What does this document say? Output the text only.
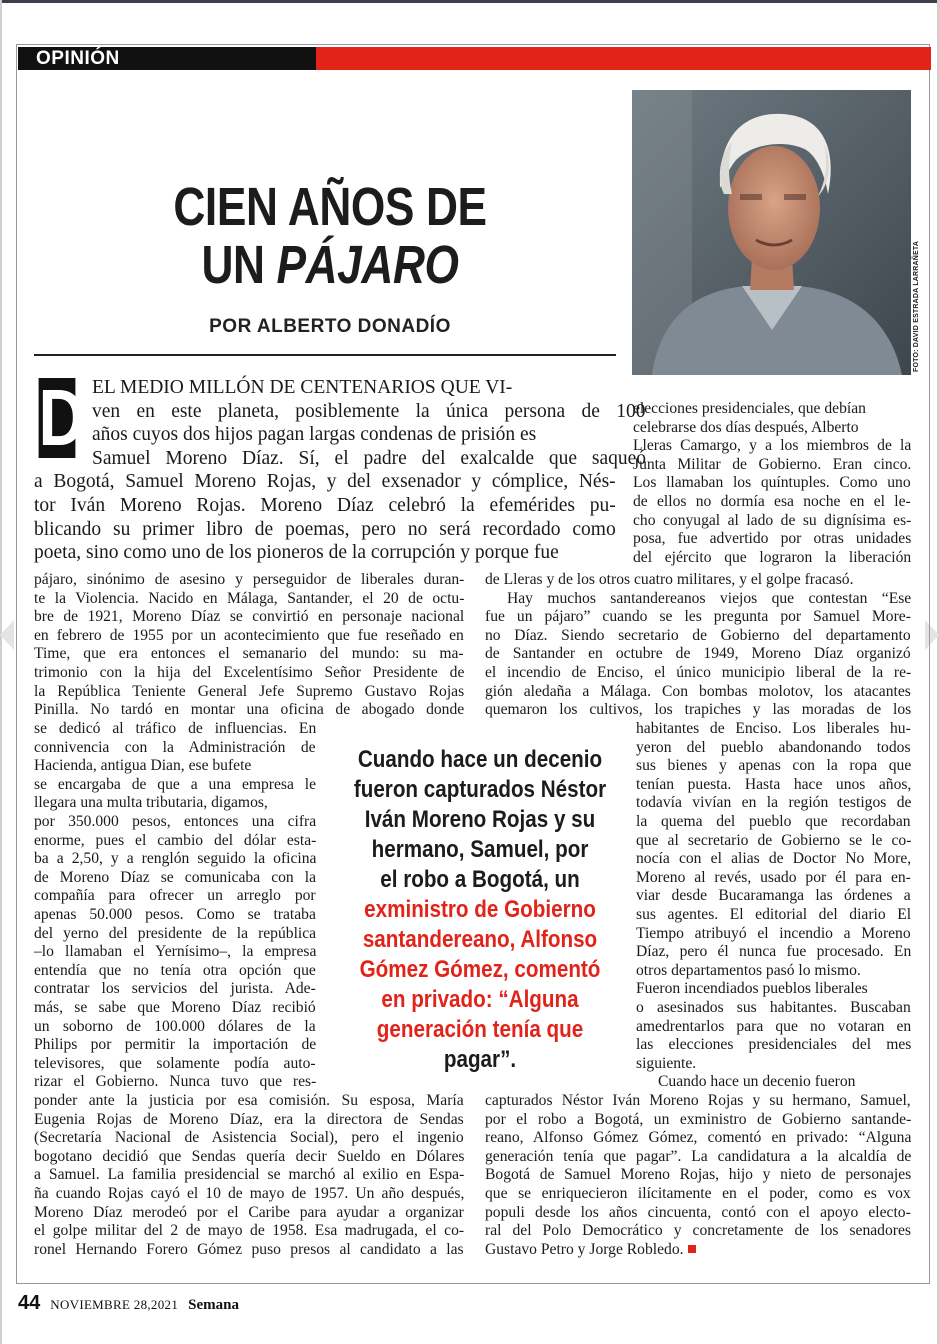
OPINIÓN
CIEN AÑOS DE
UN PÁJARO
POR ALBERTO DONADÍO	FOTO: DAVID ESTRADA LARRAÑETA
D EL MEDIO MILLÓN DE CENTENARIOS QUE VI-
ven en este planeta, posiblemente la única persona de 100
años cuyos dos hijos pagan largas condenas de prisión es
Samuel Moreno Díaz. Sí, el padre del exalcalde que saqueó
a Bogotá, Samuel Moreno Rojas, y del exsenador y cómplice, Nés-
tor Iván Moreno Rojas. Moreno Díaz celebró la efemérides pu-
blicando su primer libro de poemas, pero no será recordado como
poeta, sino como uno de los pioneros de la corrupción y porque fue
elecciones presidenciales, que debían
celebrarse dos días después, Alberto
Lleras Camargo, y a los miembros de la
Junta Militar de Gobierno. Eran cinco.
Los llamaban los quíntuples. Como uno
de ellos no dormía esa noche en el le-
cho conyugal al lado de su dignísima es-
posa, fue advertido por otras unidades
del ejército que lograron la liberación
pájaro, sinónimo de asesino y perseguidor de liberales duran-
te la Violencia. Nacido en Málaga, Santander, el 20 de octu-
bre de 1921, Moreno Díaz se convirtió en personaje nacional
en febrero de 1955 por un acontecimiento que fue reseñado en
Time, que era entonces el semanario del mundo: su ma-
trimonio con la hija del Excelentísimo Señor Presidente de
la República Teniente General Jefe Supremo Gustavo Rojas
Pinilla. No tardó en montar una oficina de abogado donde
de Lleras y de los otros cuatro militares, y el golpe fracasó.
Hay muchos santandereanos viejos que contestan “Ese
fue un pájaro” cuando se les pregunta por Samuel More-
no Díaz. Siendo secretario de Gobierno del departamento
de Santander en octubre de 1949, Moreno Díaz organizó
el incendio de Enciso, el único municipio liberal de la re-
gión aledaña a Málaga. Con bombas molotov, los atacantes
quemaron los cultivos, los trapiches y las moradas de los
se dedicó al tráfico de influencias. En
connivencia con la Administración de
Hacienda, antigua Dian, ese bufete
se encargaba de que a una empresa le
llegara una multa tributaria, digamos,
por 350.000 pesos, entonces una cifra
enorme, pues el cambio del dólar esta-
ba a 2,50, y a renglón seguido la oficina
de Moreno Díaz se comunicaba con la
compañía para ofrecer un arreglo por
apenas 50.000 pesos. Como se trataba
del yerno del presidente de la república
–lo llamaban el Yernísimo–, la empresa
entendía que no tenía otra opción que
contratar los servicios del jurista. Ade-
más, se sabe que Moreno Díaz recibió
un soborno de 100.000 dólares de la
Philips por permitir la importación de
televisores, que solamente podía auto-
rizar el Gobierno. Nunca tuvo que res-
habitantes de Enciso. Los liberales hu-
yeron del pueblo abandonando todos
sus bienes y apenas con la ropa que
tenían puesta. Hasta hace unos años,
todavía vivían en la región testigos de
la quema del pueblo que recordaban
que al secretario de Gobierno se le co-
nocía con el alias de Doctor No More,
Moreno al revés, usado por él para en-
viar desde Bucaramanga las órdenes a
sus agentes. El editorial del diario El
Tiempo atribuyó el incendio a Moreno
Díaz, pero él nunca fue procesado. En
otros departamentos pasó lo mismo.
Fueron incendiados pueblos liberales
o asesinados sus habitantes. Buscaban
amedrentarlos para que no votaran en
las elecciones presidenciales del mes
siguiente.
Cuando hace un decenio fueron
ponder ante la justicia por esa comisión. Su esposa, María
Eugenia Rojas de Moreno Díaz, era la directora de Sendas
(Secretaría Nacional de Asistencia Social), pero el ingenio
bogotano decidió que Sendas quería decir Sueldo en Dólares
a Samuel. La familia presidencial se marchó al exilio en Espa-
ña cuando Rojas cayó el 10 de mayo de 1957. Un año después,
Moreno Díaz merodeó por el Caribe para ayudar a organizar
el golpe militar del 2 de mayo de 1958. Esa madrugada, el co-
ronel Hernando Forero Gómez puso presos al candidato a las
capturados Néstor Iván Moreno Rojas y su hermano, Samuel,
por el robo a Bogotá, un exministro de Gobierno santande-
reano, Alfonso Gómez Gómez, comentó en privado: “Alguna
generación tenía que pagar”. La candidatura a la alcaldía de
Bogotá de Samuel Moreno Rojas, hijo y nieto de personajes
que se enriquecieron ilícitamente en el poder, como es vox
populi desde los años cincuenta, contó con el apoyo electo-
ral del Polo Democrático y concretamente de los senadores
Gustavo Petro y Jorge Robledo.
Cuando hace un decenio
fueron capturados Néstor
Iván Moreno Rojas y su
hermano, Samuel, por
el robo a Bogotá, un
exministro de Gobierno
santandereano, Alfonso
Gómez Gómez, comentó
en privado: “Alguna
generación tenía que
pagar”.
44 NOVIEMBRE 28,2021 Semana
